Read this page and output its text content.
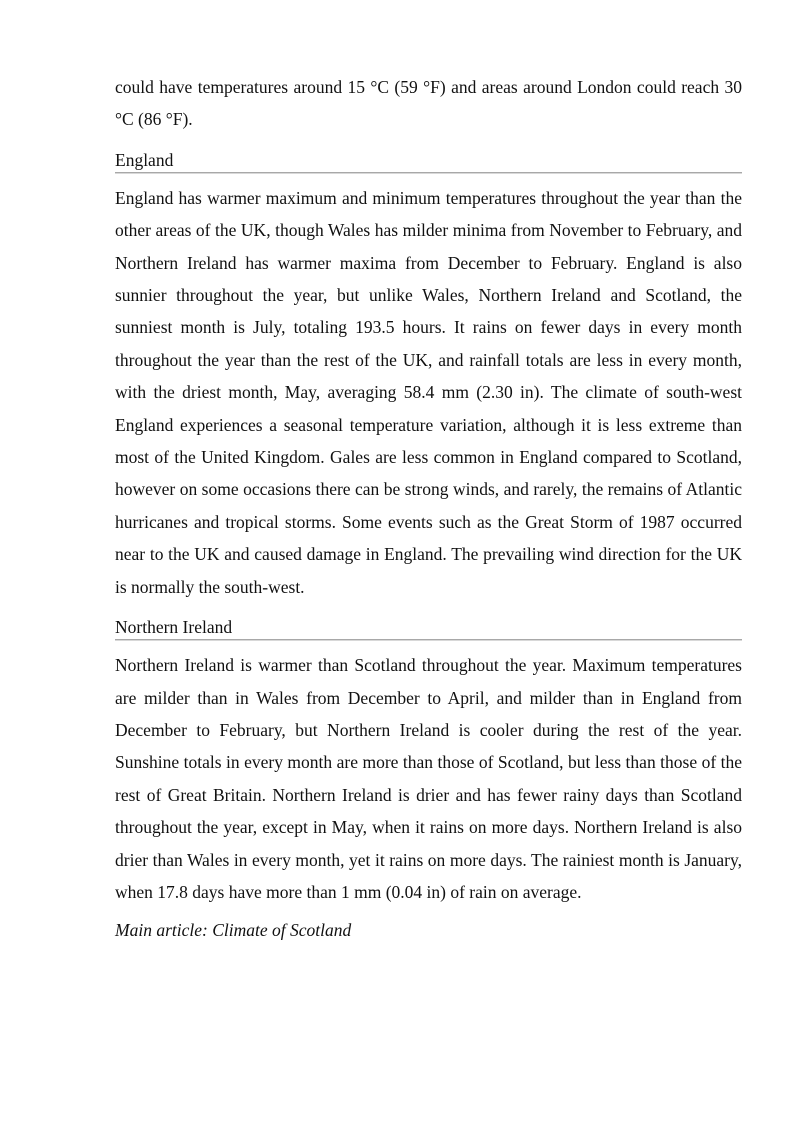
could have temperatures around 15 °C (59 °F) and areas around London could reach 30 °C (86 °F).

England

England has warmer maximum and minimum temperatures throughout the year than the other areas of the UK, though Wales has milder minima from November to February, and Northern Ireland has warmer maxima from December to February. England is also sunnier throughout the year, but unlike Wales, Northern Ireland and Scotland, the sunniest month is July, totaling 193.5 hours. It rains on fewer days in every month throughout the year than the rest of the UK, and rainfall totals are less in every month, with the driest month, May, averaging 58.4 mm (2.30 in). The climate of south-west England experiences a seasonal temperature variation, although it is less extreme than most of the United Kingdom. Gales are less common in England compared to Scotland, however on some occasions there can be strong winds, and rarely, the remains of Atlantic hurricanes and tropical storms. Some events such as the Great Storm of 1987 occurred near to the UK and caused damage in England. The prevailing wind direction for the UK is normally the south-west.

Northern Ireland

Northern Ireland is warmer than Scotland throughout the year. Maximum temperatures are milder than in Wales from December to April, and milder than in England from December to February, but Northern Ireland is cooler during the rest of the year. Sunshine totals in every month are more than those of Scotland, but less than those of the rest of Great Britain. Northern Ireland is drier and has fewer rainy days than Scotland throughout the year, except in May, when it rains on more days. Northern Ireland is also drier than Wales in every month, yet it rains on more days. The rainiest month is January, when 17.8 days have more than 1 mm (0.04 in) of rain on average.

Main article: Climate of Scotland
